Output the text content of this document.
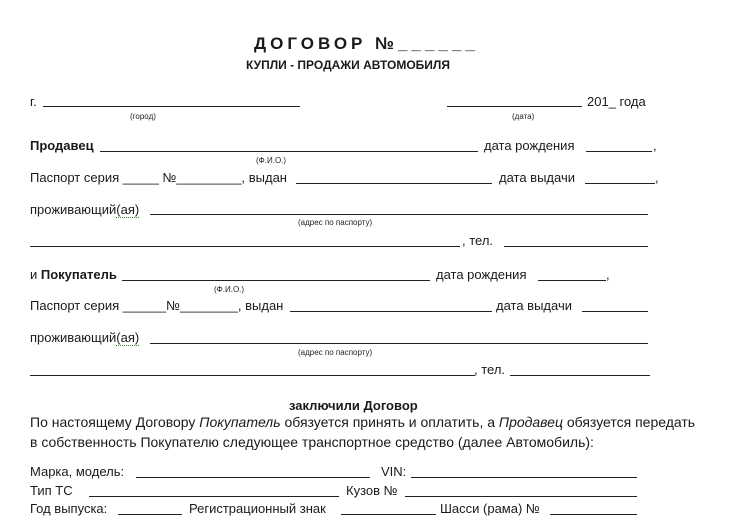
ДОГОВОР №______
КУПЛИ - ПРОДАЖИ АВТОМОБИЛЯ
г.
(город)	(дата)
201_ года
Продавец
(Ф.И.О.)
дата рождения	,
Паспорт серия _____ №_________, выдан	дата выдачи	,
проживающий(ая)
(адрес по паспорту)
, тел.
и Покупатель
(Ф.И.О.)
дата рождения	,
Паспорт серия ______№________, выдан	дата выдачи
проживающий(ая)
(адрес по паспорту)
, тел.
заключили Договор
По настоящему Договору Покупатель обязуется принять и оплатить, а Продавец обязуется передать
в собственность Покупателю следующее транспортное средство (далее Автомобиль):
Марка, модель:	VIN:
Тип ТС	Кузов №
Год выпуска:	Регистрационный знак	Шасси (рама) №
